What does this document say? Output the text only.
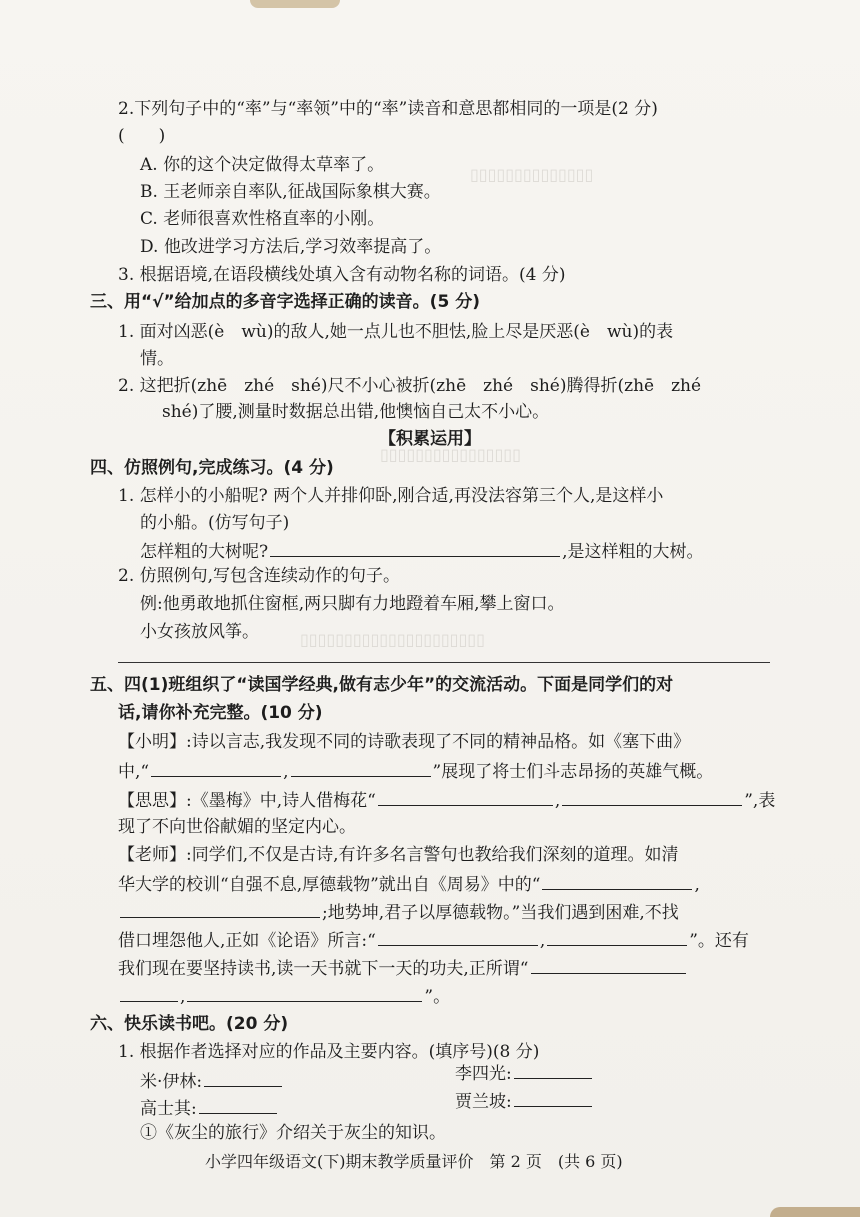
▯▯▯▯▯▯▯▯▯▯▯▯▯▯
▯▯▯▯▯▯▯▯▯▯▯▯▯▯▯▯
▯▯▯▯▯▯▯▯▯▯▯▯▯▯▯▯▯▯▯▯▯
2.下列句子中的“率”与“率领”中的“率”读音和意思都相同的一项是(2 分)
(　　)
A. 你的这个决定做得太草率了。
B. 王老师亲自率队,征战国际象棋大赛。
C. 老师很喜欢性格直率的小刚。
D. 他改进学习方法后,学习效率提高了。
3. 根据语境,在语段横线处填入含有动物名称的词语。(4 分)
三、用“√”给加点的多音字选择正确的读音。(5 分)
1. 面对凶恶(è　wù)的敌人,她一点儿也不胆怯,脸上尽是厌恶(è　wù)的表
情。
2. 这把折(zhē　zhé　shé)尺不小心被折(zhē　zhé　shé)腾得折(zhē　zhé
shé)了腰,测量时数据总出错,他懊恼自己太不小心。
【积累运用】
四、仿照例句,完成练习。(4 分)
1. 怎样小的小船呢? 两个人并排仰卧,刚合适,再没法容第三个人,是这样小
的小船。(仿写句子)
怎样粗的大树呢?	,是这样粗的大树。
2. 仿照例句,写包含连续动作的句子。
例:他勇敢地抓住窗框,两只脚有力地蹬着车厢,攀上窗口。
小女孩放风筝。
五、四(1)班组织了“读国学经典,做有志少年”的交流活动。下面是同学们的对
话,请你补充完整。(10 分)
【小明】:诗以言志,我发现不同的诗歌表现了不同的精神品格。如《塞下曲》
中,“	,	”展现了将士们斗志昂扬的英雄气概。
【思思】:《墨梅》中,诗人借梅花“	,	”,表
现了不向世俗献媚的坚定内心。
【老师】:同学们,不仅是古诗,有许多名言警句也教给我们深刻的道理。如清
华大学的校训“自强不息,厚德载物”就出自《周易》中的“	,
;地势坤,君子以厚德载物。”当我们遇到困难,不找
借口埋怨他人,正如《论语》所言:“	,	”。还有
我们现在要坚持读书,读一天书就下一天的功夫,正所谓“
,	”。
六、快乐读书吧。(20 分)
1. 根据作者选择对应的作品及主要内容。(填序号)(8 分)
米·伊林:	李四光:
高士其:	贾兰坡:
①《灰尘的旅行》介绍关于灰尘的知识。
小学四年级语文(下)期末教学质量评价　第 2 页　(共 6 页)
